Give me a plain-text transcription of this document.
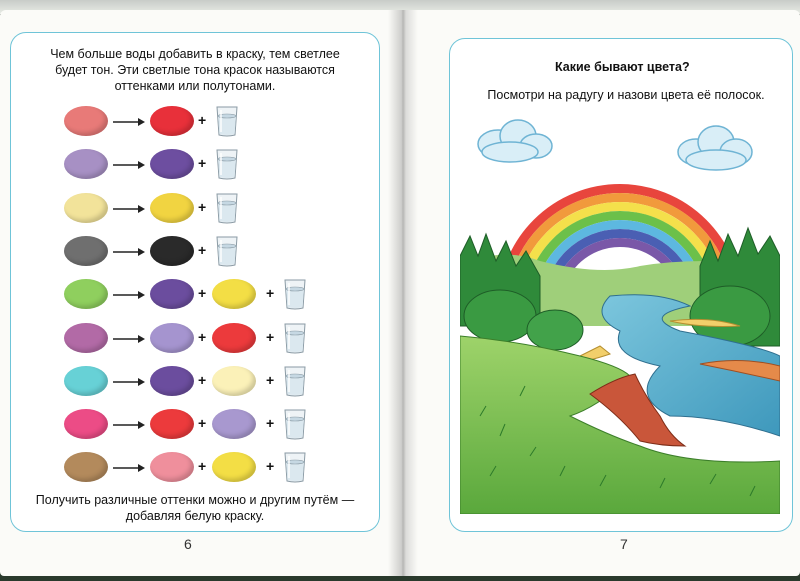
Чем больше воды добавить в краску, тем светлее
будет тон. Эти светлые тона красок называются
оттенками или полутонами.
+
+
+
+
+	+
+	+
+	+
+	+
+	+
Получить различные оттенки можно и другим путём —
добавляя белую краску.
6
Какие бывают цвета?
Посмотри на радугу и назови цвета её полосок.
7
